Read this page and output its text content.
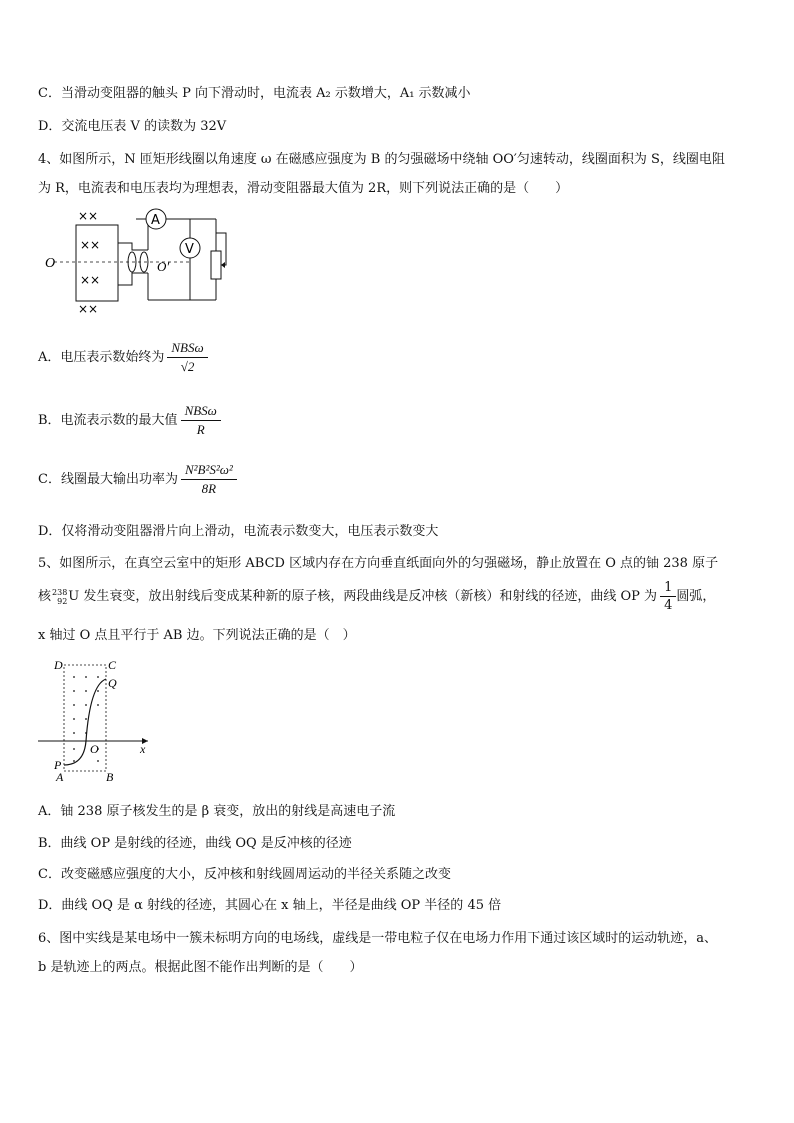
C．当滑动变阻器的触头 P 向下滑动时，电流表 A₂ 示数增大，A₁ 示数减小
D．交流电压表 V 的读数为 32V
4、如图所示，N 匝矩形线圈以角速度 ω 在磁感应强度为 B 的匀强磁场中绕轴 OO′匀速转动，线圈面积为 S，线圈电阻
为 R，电流表和电压表均为理想表，滑动变阻器最大值为 2R，则下列说法正确的是（　　）
××
××
××
××
O	O′
A
V
A．电压表示数始终为 $\frac{\text{NBSω}}{√2}$
B．电流表示数的最大值 $\frac{\text{NBSω}}{R}$
C．线圈最大输出功率为 $\frac{\text{N²B²S²ω²}}{8R}$
D．仅将滑动变阻器滑片向上滑动，电流表示数变大，电压表示数变大
5、如图所示，在真空云室中的矩形 ABCD 区域内存在方向垂直纸面向外的匀强磁场，静止放置在 O 点的铀 238 原子
核 238
92 U 发生衰变，放出射线后变成某种新的原子核，两段曲线是反冲核（新核）和射线的径迹，曲线 OP 为 $\frac{1}{4}$ 圆弧，
x 轴过 O 点且平行于 AB 边。下列说法正确的是（　）
D	C
Q
O
P
A	B
x
A．铀 238 原子核发生的是 β 衰变，放出的射线是高速电子流
B．曲线 OP 是射线的径迹，曲线 OQ 是反冲核的径迹
C．改变磁感应强度的大小，反冲核和射线圆周运动的半径关系随之改变
D．曲线 OQ 是 α 射线的径迹，其圆心在 x 轴上，半径是曲线 OP 半径的 45 倍
6、图中实线是某电场中一簇未标明方向的电场线，虚线是一带电粒子仅在电场力作用下通过该区域时的运动轨迹，a、
b 是轨迹上的两点。根据此图不能作出判断的是（　　）
